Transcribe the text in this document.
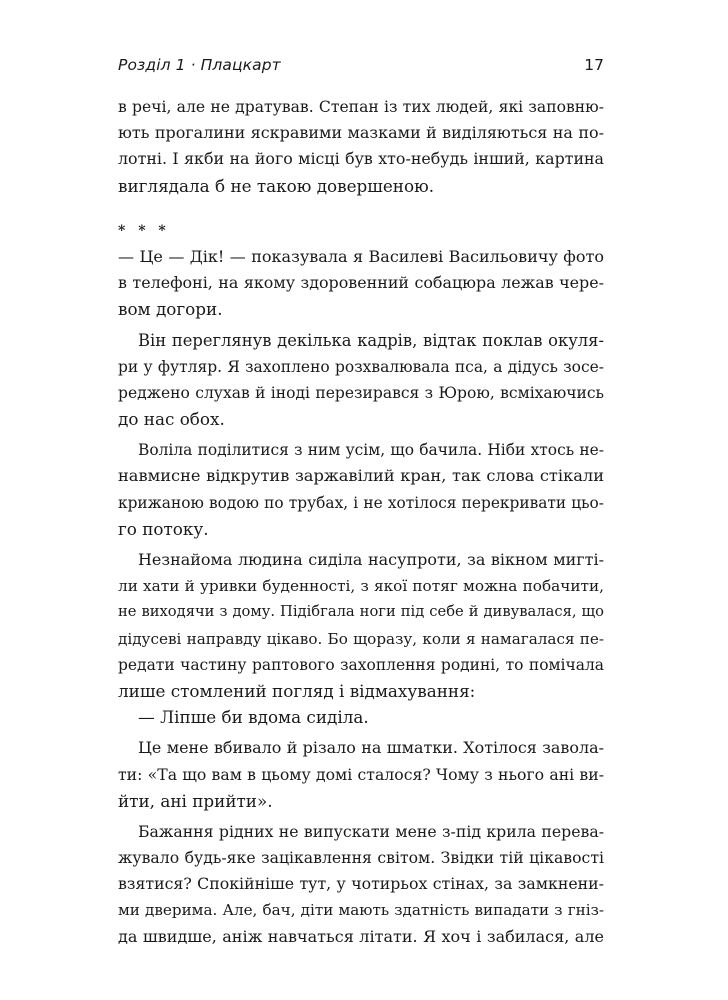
Розділ 1 · Плацкарт	17
в речі, але не дратував. Степан із тих людей, які заповню-
ють прогалини яскравими мазками й виділяються на по-
лотні. І якби на його місці був хто-небудь інший, картина
виглядала б не такою довершеною.
* * *
— Це — Дік! — показувала я Василеві Васильовичу фото
в телефоні, на якому здоровенний собацюра лежав чере-
вом догори.
Він переглянув декілька кадрів, відтак поклав окуля-
ри у футляр. Я захоплено розхвалювала пса, а дідусь зосе-
реджено слухав й іноді перезирався з Юрою, всміхаючись
до нас обох.
Воліла поділитися з ним усім, що бачила. Ніби хтось не-
навмисне відкрутив заржавілий кран, так слова стікали
крижаною водою по трубах, і не хотілося перекривати цьо-
го потоку.
Незнайома людина сиділа насупроти, за вікном мигті-
ли хати й уривки буденності, з якої потяг можна побачити,
не виходячи з дому. Підібгала ноги під себе й дивувалася, що
дідусеві направду цікаво. Бо щоразу, коли я намагалася пе-
редати частину раптового захоплення родині, то помічала
лише стомлений погляд і відмахування:
— Ліпше би вдома сиділа.
Це мене вбивало й різало на шматки. Хотілося завола-
ти: «Та що вам в цьому домі сталося? Чому з нього ані ви-
йти, ані прийти».
Бажання рідних не випускати мене з-під крила перева-
жувало будь-яке зацікавлення світом. Звідки тій цікавості
взятися? Спокійніше тут, у чотирьох стінах, за замкнени-
ми дверима. Але, бач, діти мають здатність випадати з гніз-
да швидше, аніж навчаться літати. Я хоч і забилася, але
